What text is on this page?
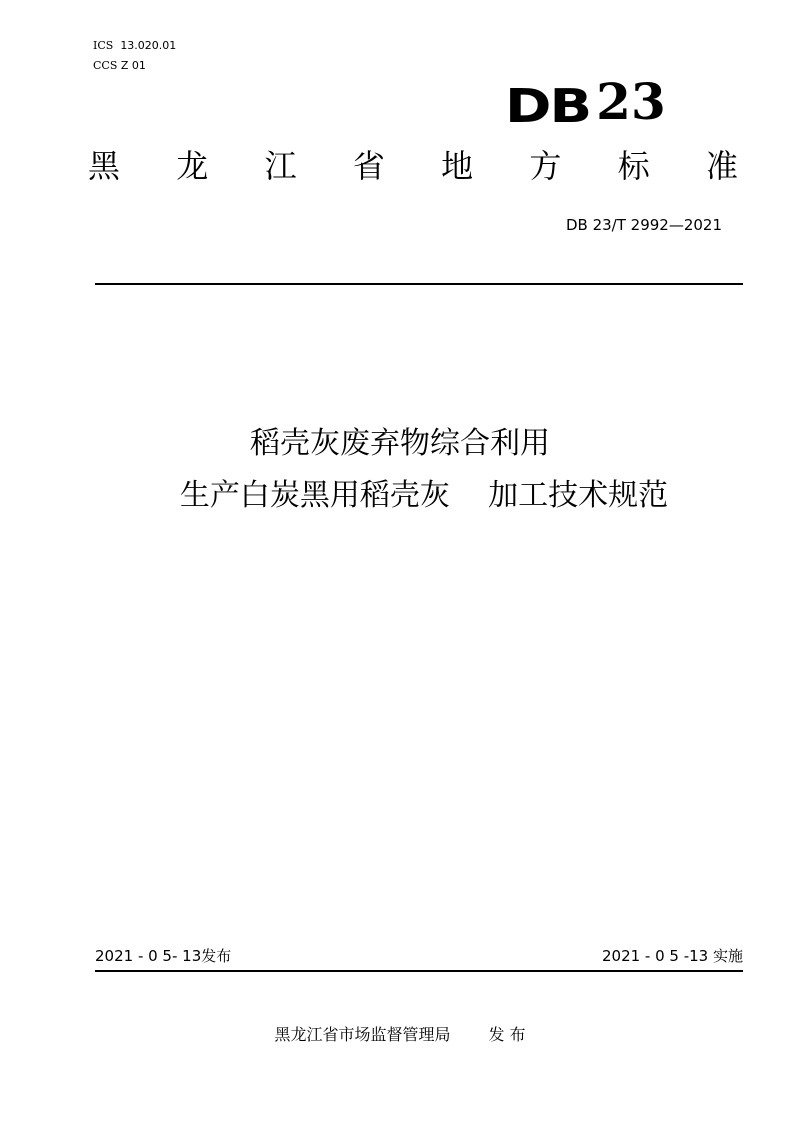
ICS 13.020.01
CCS Z 01
DB 23
黑 龙 江 省 地 方 标 准
DB 23/T 2992—2021
稻壳灰废弃物综合利用
生产白炭黑用稻壳灰    加工技术规范
2021 - 0 5- 13发布	2021 - 0 5 -13 实施
黑龙江省市场监督管理局 发 布
